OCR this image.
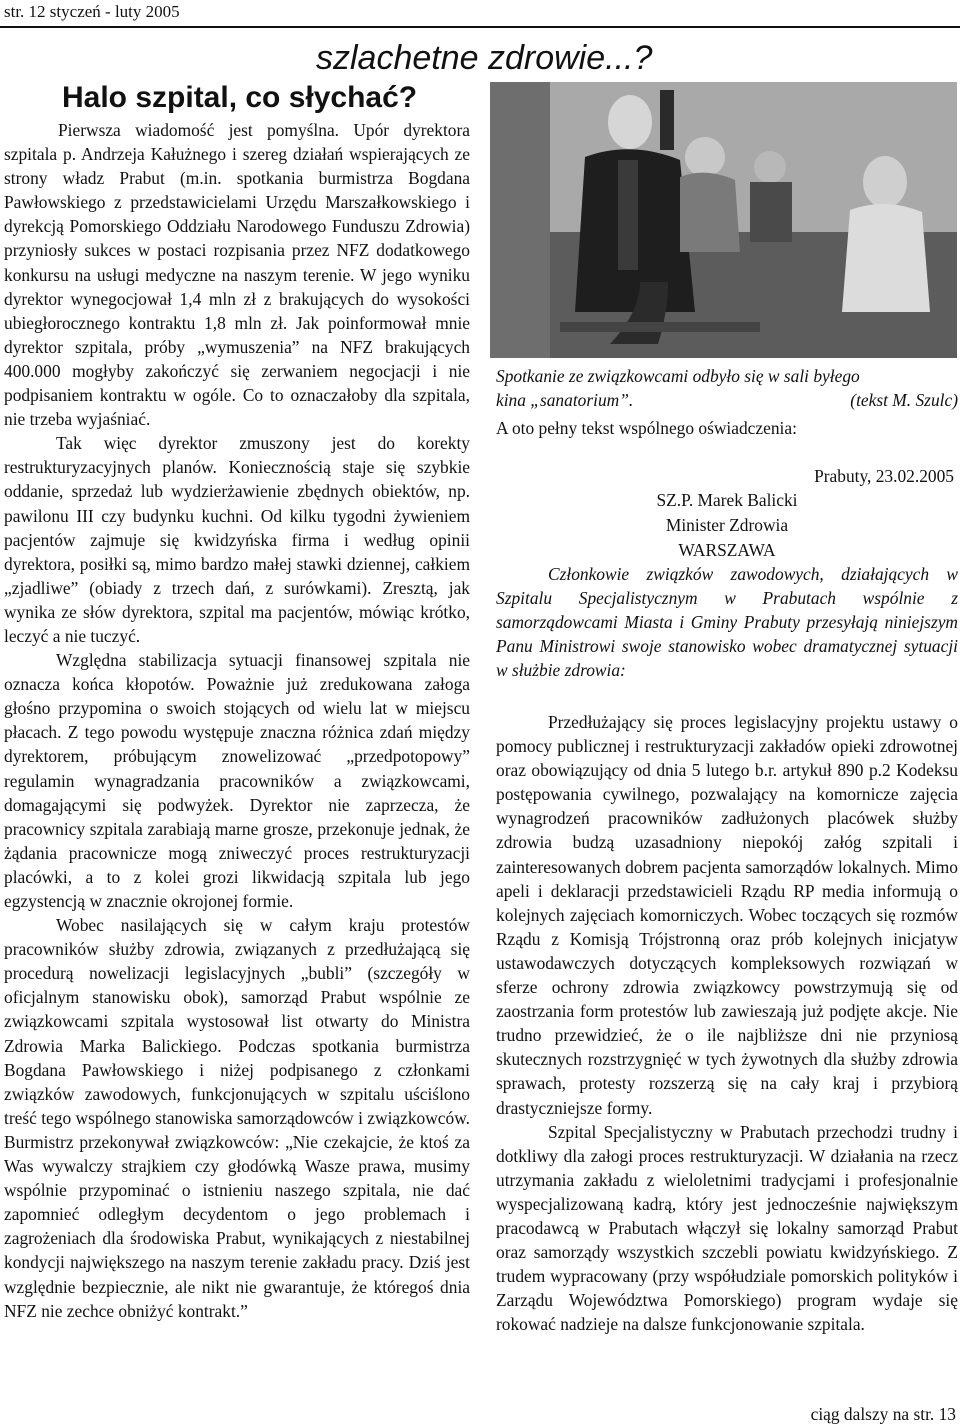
str. 12 styczeń - luty 2005
szlachetne zdrowie...?
Halo szpital, co słychać?

Pierwsza wiadomość jest pomyślna. Upór dyrektora szpitala p. Andrzeja Kałużnego i szereg działań wspierających ze strony władz Prabut (m.in. spotkania burmistrza Bogdana Pawłowskiego z przedstawicielami Urzędu Marszałkowskiego i dyrekcją Pomorskiego Oddziału Narodowego Funduszu Zdrowia) przyniosły sukces w postaci rozpisania przez NFZ dodatkowego konkursu na usługi medyczne na naszym terenie. W jego wyniku dyrektor wynegocjował 1,4 mln zł z brakujących do wysokości ubiegłorocznego kontraktu 1,8 mln zł. Jak poinformował mnie dyrektor szpitala, próby „wymuszenia” na NFZ brakujących 400.000 mogłyby zakończyć się zerwaniem negocjacji i nie podpisaniem kontraktu w ogóle. Co to oznaczałoby dla szpitala, nie trzeba wyjaśniać.

Tak więc dyrektor zmuszony jest do korekty restrukturyzacyjnych planów. Koniecznością staje się szybkie oddanie, sprzedaż lub wydzierżawienie zbędnych obiektów, np. pawilonu III czy budynku kuchni. Od kilku tygodni żywieniem pacjentów zajmuje się kwidzyńska firma i według opinii dyrektora, posiłki są, mimo bardzo małej stawki dziennej, całkiem „zjadliwe” (obiady z trzech dań, z surówkami). Zresztą, jak wynika ze słów dyrektora, szpital ma pacjentów, mówiąc krótko, leczyć a nie tuczyć.

Względna stabilizacja sytuacji finansowej szpitala nie oznacza końca kłopotów. Poważnie już zredukowana załoga głośno przypomina o swoich stojących od wielu lat w miejscu płacach. Z tego powodu występuje znaczna różnica zdań między dyrektorem, próbującym znowelizować „przedpotopowy” regulamin wynagradzania pracowników a związkowcami, domagającymi się podwyżek. Dyrektor nie zaprzecza, że pracownicy szpitala zarabiają marne grosze, przekonuje jednak, że żądania pracownicze mogą zniweczyć proces restrukturyzacji placówki, a to z kolei grozi likwidacją szpitala lub jego egzystencją w znacznie okrojonej formie.

Wobec nasilających się w całym kraju protestów pracowników służby zdrowia, związanych z przedłużającą się procedurą nowelizacji legislacyjnych „bubli” (szczegóły w oficjalnym stanowisku obok), samorząd Prabut wspólnie ze związkowcami szpitala wystosował list otwarty do Ministra Zdrowia Marka Balickiego. Podczas spotkania burmistrza Bogdana Pawłowskiego i niżej podpisanego z członkami związków zawodowych, funkcjonujących w szpitalu uściślono treść tego wspólnego stanowiska samorządowców i związkowców. Burmistrz przekonywał związkowców: „Nie czekajcie, że ktoś za Was wywalczy strajkiem czy głodówką Wasze prawa, musimy wspólnie przypominać o istnieniu naszego szpitala, nie dać zapomnieć odległym decydentom o jego problemach i zagrożeniach dla środowiska Prabut, wynikających z niestabilnej kondycji największego na naszym terenie zakładu pracy. Dziś jest względnie bezpiecznie, ale nikt nie gwarantuje, że któregoś dnia NFZ nie zechce obniżyć kontrakt.”

Spotkanie ze związkowcami odbyło się w sali byłego
kina „sanatorium”.	(tekst M. Szulc)
A oto pełny tekst wspólnego oświadczenia:
Prabuty, 23.02.2005
SZ.P. Marek Balicki
Minister Zdrowia
WARSZAWA

Członkowie związków zawodowych, działających w Szpitalu Specjalistycznym w Prabutach wspólnie z samorządowcami Miasta i Gminy Prabuty przesyłają niniejszym Panu Ministrowi swoje stanowisko wobec dramatycznej sytuacji w służbie zdrowia:

Przedłużający się proces legislacyjny projektu ustawy o pomocy publicznej i restrukturyzacji zakładów opieki zdrowotnej oraz obowiązujący od dnia 5 lutego b.r. artykuł 890 p.2 Kodeksu postępowania cywilnego, pozwalający na komornicze zajęcia wynagrodzeń pracowników zadłużonych placówek służby zdrowia budzą uzasadniony niepokój załóg szpitali i zainteresowanych dobrem pacjenta samorządów lokalnych. Mimo apeli i deklaracji przedstawicieli Rządu RP media informują o kolejnych zajęciach komorniczych. Wobec toczących się rozmów Rządu z Komisją Trójstronną oraz prób kolejnych inicjatyw ustawodawczych dotyczących kompleksowych rozwiązań w sferze ochrony zdrowia związkowcy powstrzymują się od zaostrzania form protestów lub zawieszają już podjęte akcje. Nie trudno przewidzieć, że o ile najbliższe dni nie przyniosą skutecznych rozstrzygnięć w tych żywotnych dla służby zdrowia sprawach, protesty rozszerzą się na cały kraj i przybiorą drastyczniejsze formy.

Szpital Specjalistyczny w Prabutach przechodzi trudny i dotkliwy dla załogi proces restrukturyzacji. W działania na rzecz utrzymania zakładu z wieloletnimi tradycjami i profesjonalnie wyspecjalizowaną kadrą, który jest jednocześnie największym pracodawcą w Prabutach włączył się lokalny samorząd Prabut oraz samorządy wszystkich szczebli powiatu kwidzyńskiego. Z trudem wypracowany (przy współudziale pomorskich polityków i Zarządu Województwa Pomorskiego) program wydaje się rokować nadzieje na dalsze funkcjonowanie szpitala.

ciąg dalszy na str. 13
